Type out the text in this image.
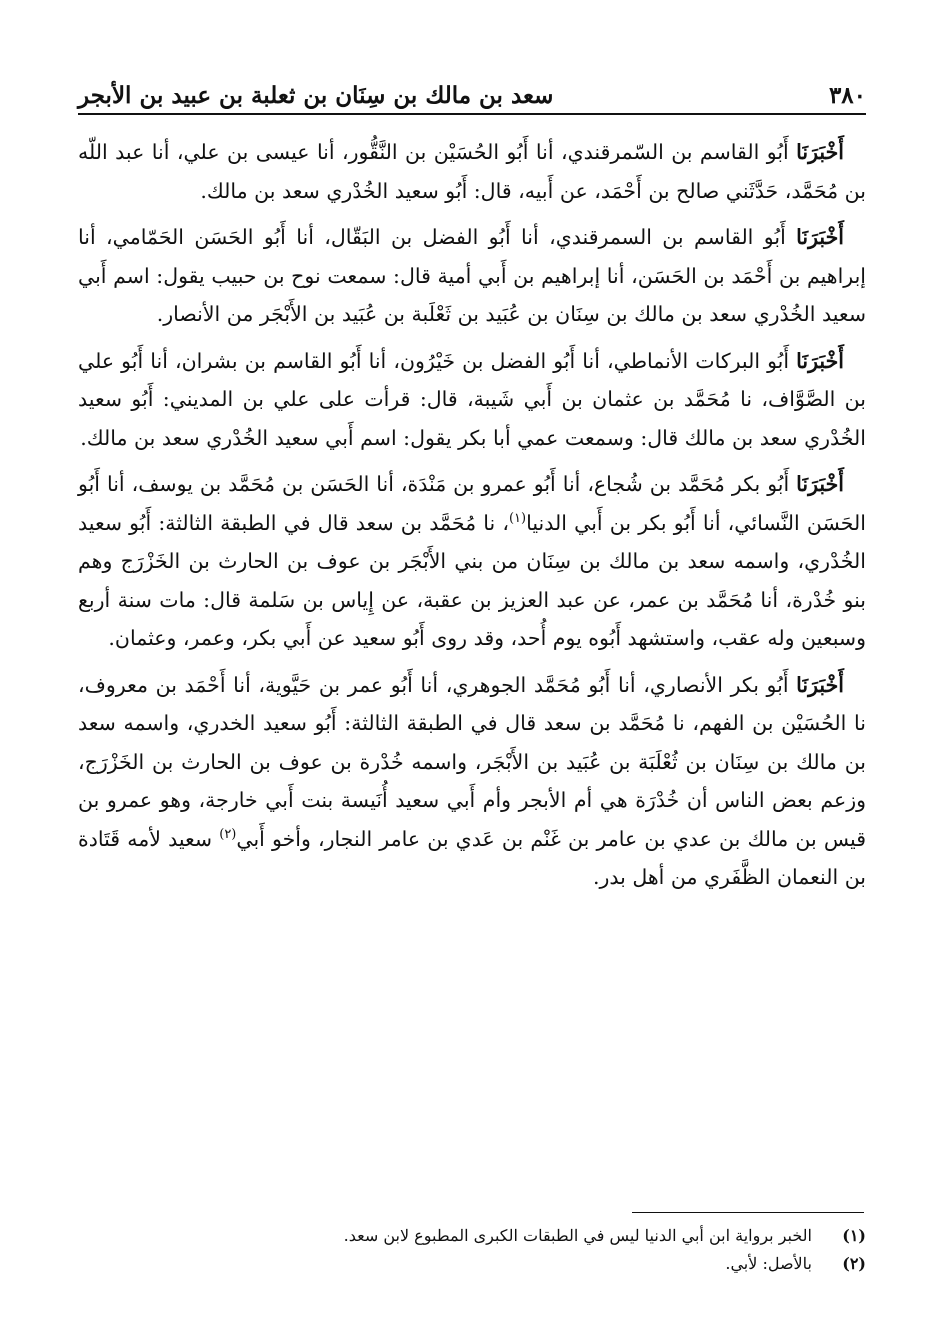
٣٨٠
سعد بن مالك بن سِنَان بن ثعلبة بن عبيد بن الأبجر

أَخْبَرَنَا أَبُو القاسم بن السّمرقندي، أنا أَبُو الحُسَيْن بن النَّقُّور، أنا عيسى بن علي، أنا عبد اللّه بن مُحَمَّد، حَدَّثَني صالح بن أَحْمَد، عن أَبيه، قال: أَبُو سعيد الخُدْري سعد بن مالك.

أَخْبَرَنَا أَبُو القاسم بن السمرقندي، أنا أَبُو الفضل بن البَقّال، أنا أَبُو الحَسَن الحَمّامي، أنا إبراهيم بن أَحْمَد بن الحَسَن، أنا إبراهيم بن أَبي أمية قال: سمعت نوح بن حبيب يقول: اسم أَبي سعيد الخُدْري سعد بن مالك بن سِنَان بن عُبَيد بن ثَعْلَبة بن عُبَيد بن الأَبْجَر من الأنصار.

أَخْبَرَنَا أَبُو البركات الأنماطي، أنا أَبُو الفضل بن خَيْرُون، أنا أَبُو القاسم بن بشران، أنا أَبُو علي بن الصَّوَّاف، نا مُحَمَّد بن عثمان بن أَبي شَيبة، قال: قرأت على علي بن المديني: أَبُو سعيد الخُدْري سعد بن مالك قال: وسمعت عمي أبا بكر يقول: اسم أَبي سعيد الخُدْري سعد بن مالك.

أَخْبَرَنَا أَبُو بكر مُحَمَّد بن شُجاع، أنا أَبُو عمرو بن مَنْدَة، أنا الحَسَن بن مُحَمَّد بن يوسف، أنا أَبُو الحَسَن النَّسائي، أنا أَبُو بكر بن أَبي الدنيا$^{(١)}$، نا مُحَمَّد بن سعد قال في الطبقة الثالثة: أَبُو سعيد الخُدْري، واسمه سعد بن مالك بن سِنَان من بني الأَبْجَر بن عوف بن الحارث بن الخَزْرَج وهم بنو خُدْرة، أنا مُحَمَّد بن عمر، عن عبد العزيز بن عقبة، عن إِياس بن سَلمة قال: مات سنة أربع وسبعين وله عقب، واستشهد أَبُوه يوم أُحد، وقد روى أَبُو سعيد عن أَبي بكر، وعمر، وعثمان.

أَخْبَرَنَا أَبُو بكر الأنصاري، أنا أَبُو مُحَمَّد الجوهري، أنا أَبُو عمر بن حَيَّوية، أنا أَحْمَد بن معروف، نا الحُسَيْن بن الفهم، نا مُحَمَّد بن سعد قال في الطبقة الثالثة: أَبُو سعيد الخدري، واسمه سعد بن مالك بن سِنَان بن ثُعْلَبَة بن عُبَيد بن الأَبْجَر، واسمه خُدْرة بن عوف بن الحارث بن الخَزْرَج، وزعم بعض الناس أن خُدْرَة هي أم الأبجر وأم أَبي سعيد أُنَيسة بنت أَبي خارجة، وهو عمرو بن قيس بن مالك بن عدي بن عامر بن غَنْم بن عَدي بن عامر النجار، وأخو أَبي$^{(٢)}$ سعيد لأمه قَتَادة بن النعمان الظَّفَري من أهل بدر.

(١)
الخبر برواية ابن أبي الدنيا ليس في الطبقات الكبرى المطبوع لابن سعد.
(٢)
بالأصل: لأبي.
